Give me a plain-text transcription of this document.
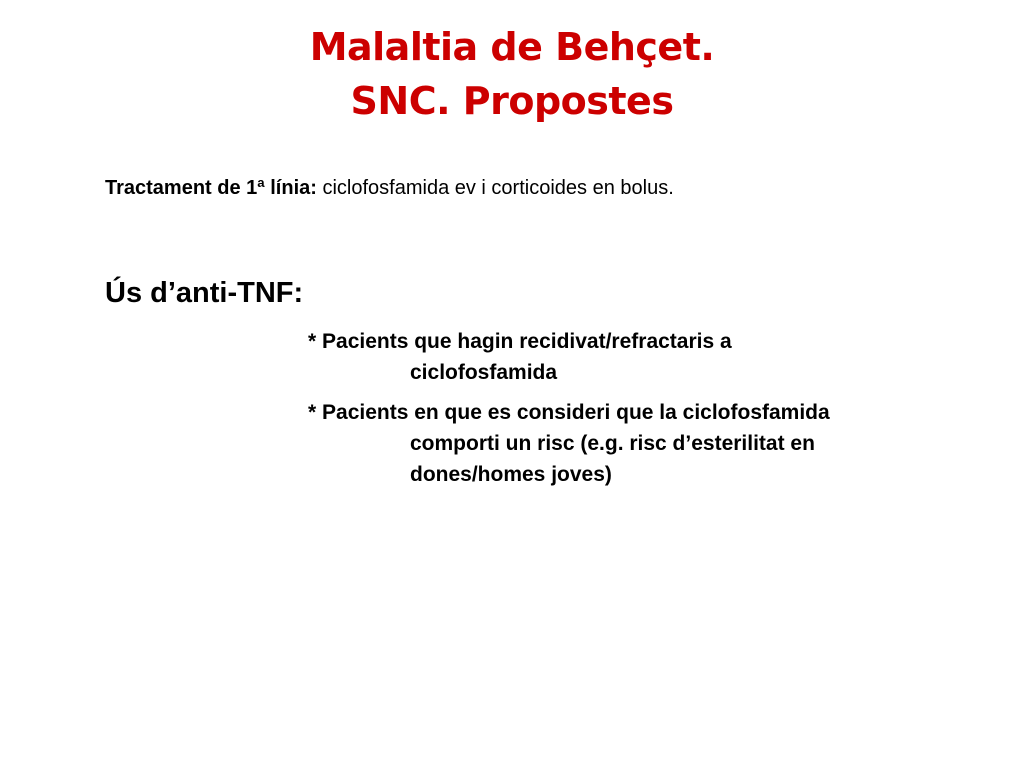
Malaltia de Behçet.
SNC. Propostes
Tractament de 1ª línia: ciclofosfamida ev i corticoides en bolus.
Ús d’anti-TNF:
* Pacients que hagin recidivat/refractaris a
ciclofosfamida
* Pacients en que es consideri que la ciclofosfamida
comporti un risc (e.g. risc d’esterilitat en
dones/homes joves)
